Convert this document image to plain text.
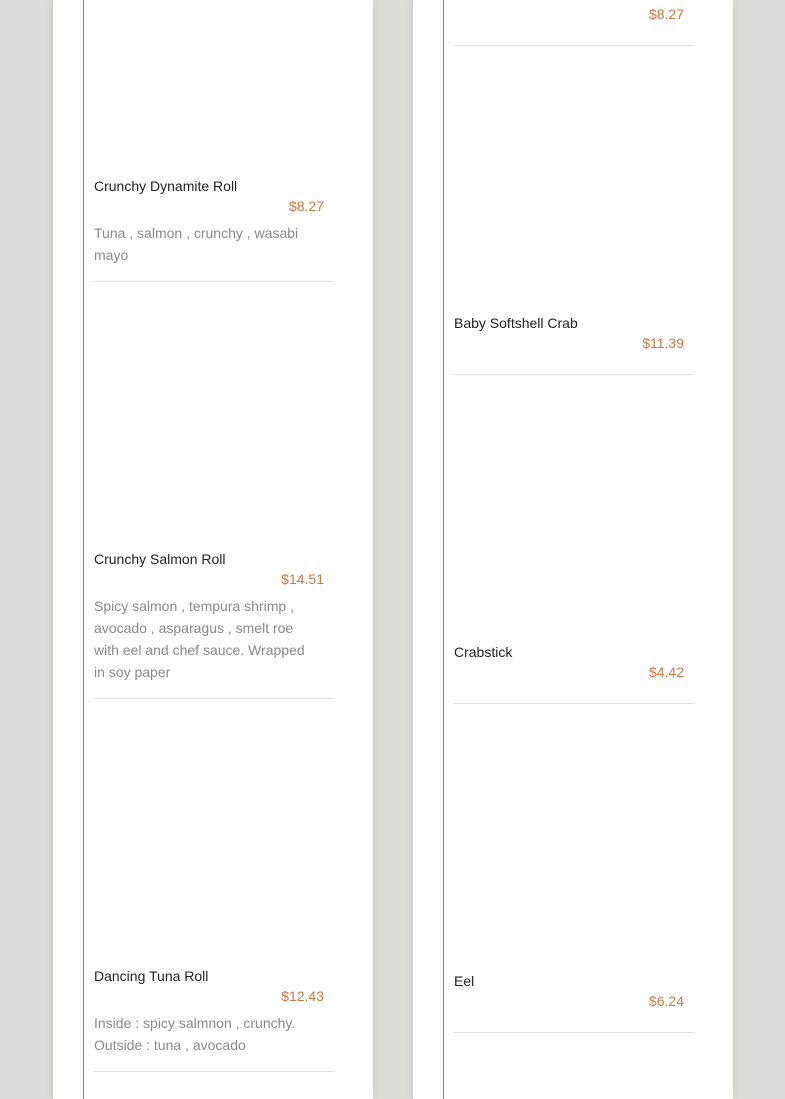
Crunchy Dynamite Roll
$8.27
Tuna , salmon , crunchy , wasabi mayo
Crunchy Salmon Roll
$14.51
Spicy salmon , tempura shrimp , avocado , asparagus , smelt roe with eel and chef sauce. Wrapped in soy paper
Dancing Tuna Roll
$12.43
Inside : spicy salmnon , crunchy. Outside : tuna , avocado
$8.27
Baby Softshell Crab
$11.39
Crabstick
$4.42
Eel
$6.24
